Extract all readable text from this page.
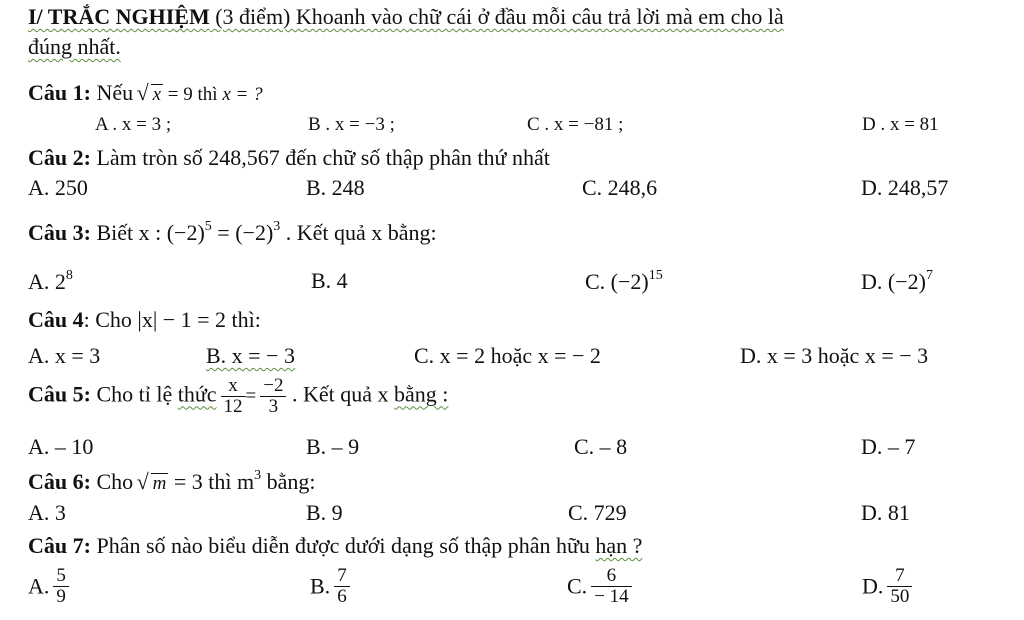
I/ TRẮC NGHIỆM (3 điểm) Khoanh vào chữ cái ở đầu mỗi câu trả lời mà em cho là
đúng nhất.
Câu 1: Nếu √ x = 9 thì x = ?
A . x = 3 ;	B . x = −3 ;	C . x = −81 ;	D . x = 81
Câu 2: Làm tròn số 248,567 đến chữ số thập phân thứ nhất
A. 250	B. 248	C. 248,6	D. 248,57
Câu 3: Biết x : $(-2)^5 = (-2)^3$ . Kết quả x bằng:
A. $2^8$	B. 4	C. $(-2)^{15}$	D. $(-2)^7$
Câu 4: Cho |x| − 1 = 2 thì:
A. x = 3	B. x = − 3	C. x = 2 hoặc x = − 2	D. x = 3 hoặc x = − 3
Câu 5: Cho tỉ lệ thức $\frac{x}{12} = \frac{-2}{3}$ . Kết quả x bằng :
A. – 10	B. – 9	C. – 8	D. – 7
Câu 6: Cho √ m = 3 thì $m^3$ bằng:
A. 3	B. 9	C. 729	D. 81
Câu 7: Phân số nào biểu diễn được dưới dạng số thập phân hữu hạn ?
A. $\frac{5}{9}$	B. $\frac{7}{6}$	C. $\frac{6}{- 14}$	D. $\frac{7}{50}$
